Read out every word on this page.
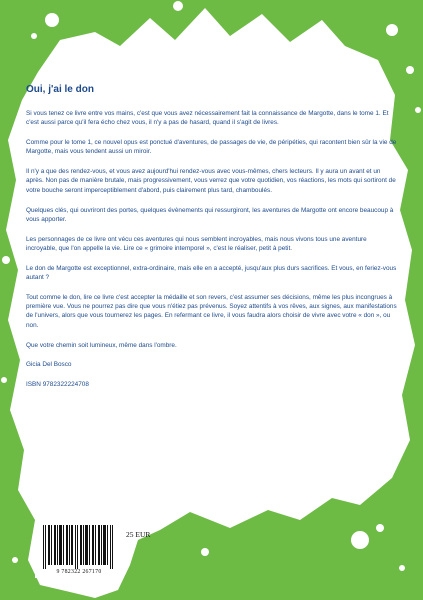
Oui, j'ai le don

Si vous tenez ce livre entre vos mains, c'est que vous avez nécessairement fait la connaissance de Margotte, dans le tome 1. Et c'est aussi parce qu'il fera écho chez vous, il n'y a pas de hasard, quand il s'agit de livres.

Comme pour le tome 1, ce nouvel opus est ponctué d'aventures, de passages de vie, de péripéties, qui racontent bien sûr la vie de Margotte, mais vous tendent aussi un miroir.

Il n'y a que des rendez-vous, et vous avez aujourd'hui rendez-vous avec vous-mêmes, chers lecteurs. Il y aura un avant et un après. Non pas de manière brutale, mais progressivement, vous verrez que votre quotidien, vos réactions, les mots qui sortiront de votre bouche seront imperceptiblement d'abord, puis clairement plus tard, chamboulés.

Quelques clés, qui ouvriront des portes, quelques évènements qui ressurgiront, les aventures de Margotte ont encore beaucoup à vous apporter.

Les personnages de ce livre ont vécu ces aventures qui nous semblent incroyables, mais nous vivons tous une aventure incroyable, que l'on appelle la vie. Lire ce « grimoire intemporel », c'est le réaliser, petit à petit.

Le don de Margotte est exceptionnel, extra-ordinaire, mais elle en a accepté, jusqu'aux plus durs sacrifices. Et vous, en feriez-vous autant ?

Tout comme le don, lire ce livre c'est accepter la médaille et son revers, c'est assumer ses décisions, même les plus incongrues à première vue. Vous ne pourrez pas dire que vous n'étiez pas prévenus. Soyez attentifs à vos rêves, aux signes, aux manifestations de l'univers, alors que vous tournerez les pages. En refermant ce livre, il vous faudra alors choisir de vivre avec votre « don », ou non.

Que votre chemin soit lumineux, même dans l'ombre.

Gicia Del Bosco

ISBN 9782322224708

9 782322 267170
25 EUR
